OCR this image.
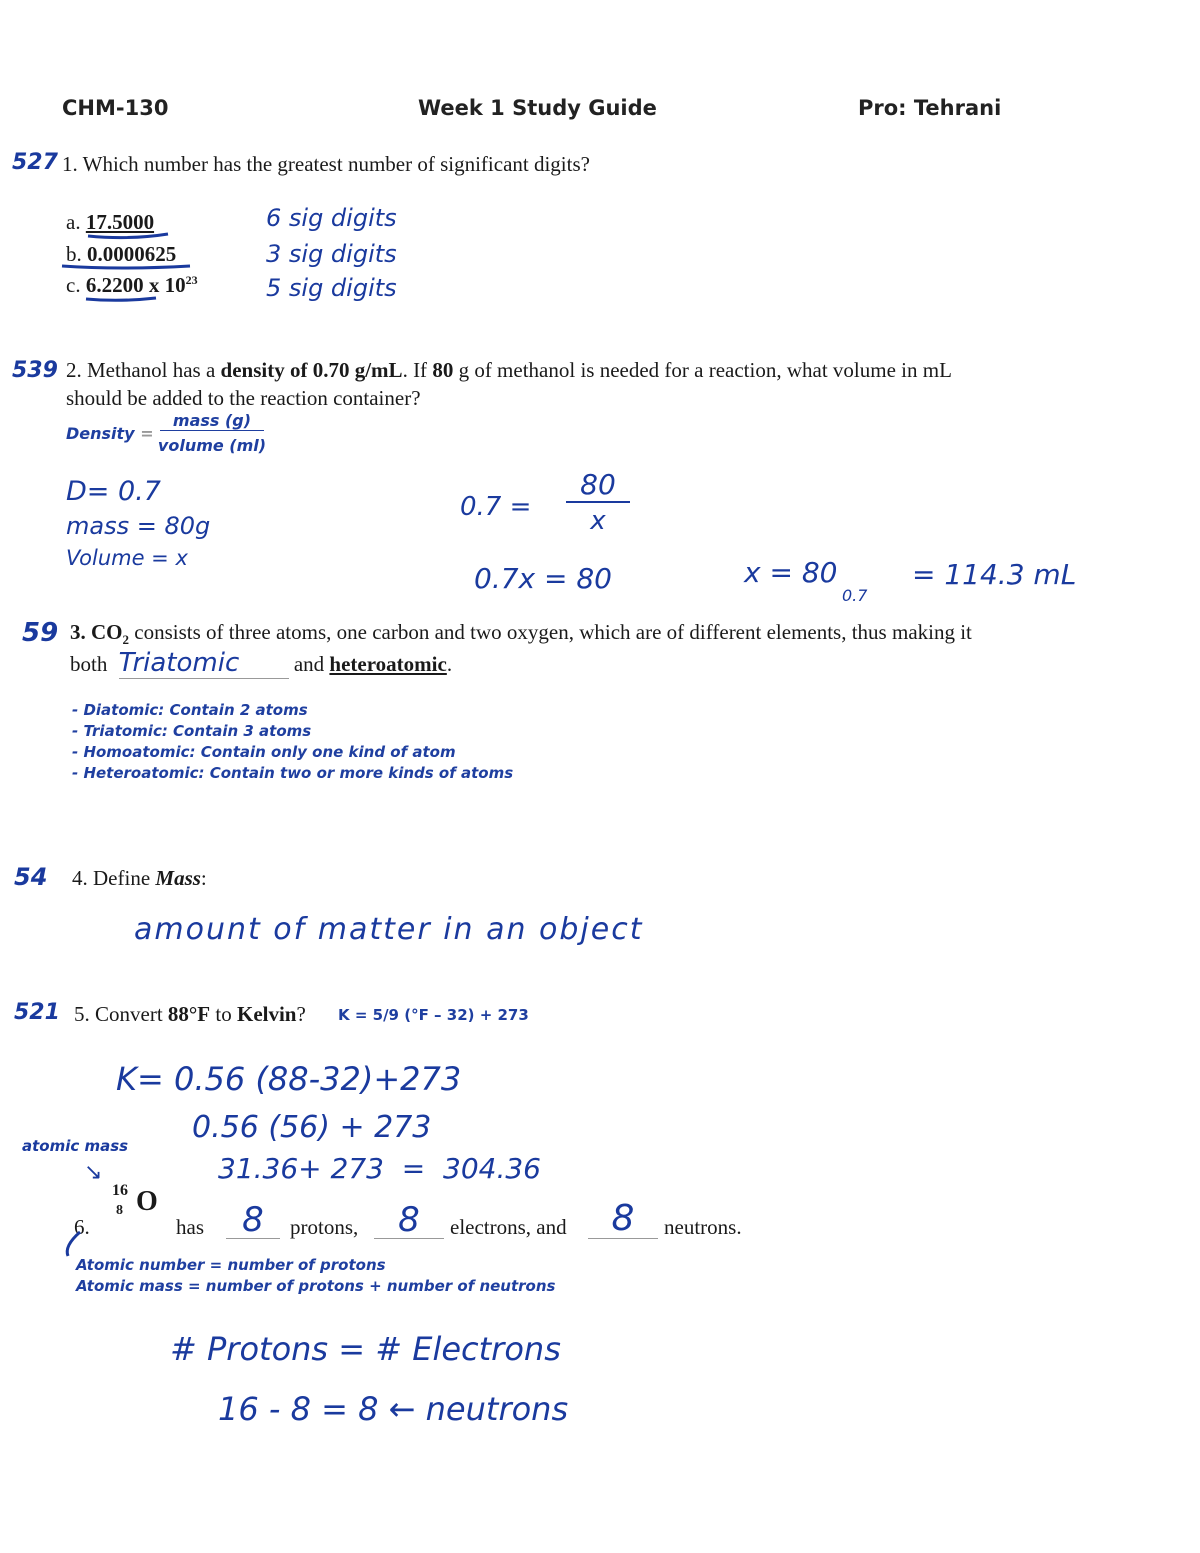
CHM-130	Week 1 Study Guide	Pro: Tehrani
527 1. Which number has the greatest number of significant digits?
a. 17.5000
b. 0.0000625
c. 6.2200 x $10^{23}$
6 sig digits
3 sig digits
5 sig digits
539 2. Methanol has a density of 0.70 g/mL. If 80 g of methanol is needed for a reaction, what volume in mL
should be added to the reaction container?
Density =
mass (g)
volume (ml)
D= 0.7
mass = 80g
Volume = x
0.7 =
80
x
0.7x = 80	x = 80
0.7
= 114.3 mL
59 3. $CO_2$ consists of three atoms, one carbon and two oxygen, which are of different elements, thus making it
both Triatomic	and heteroatomic.
- Diatomic: Contain 2 atoms
- Triatomic: Contain 3 atoms
- Homoatomic: Contain only one kind of atom
- Heteroatomic: Contain two or more kinds of atoms
54 4. Define Mass:
amount of matter in an object
521 5. Convert 88°F to Kelvin? K = 5/9 (°F – 32) + 273
K= 0.56 (88-32)+273
0.56 (56) + 273
31.36+ 273  =  304.36
atomic mass
↘
6.
16
8 O
has	8	protons,	8	electrons, and	8	neutrons.
Atomic number = number of protons
Atomic mass = number of protons + number of neutrons
# Protons = # Electrons
16 - 8 = 8 ← neutrons
